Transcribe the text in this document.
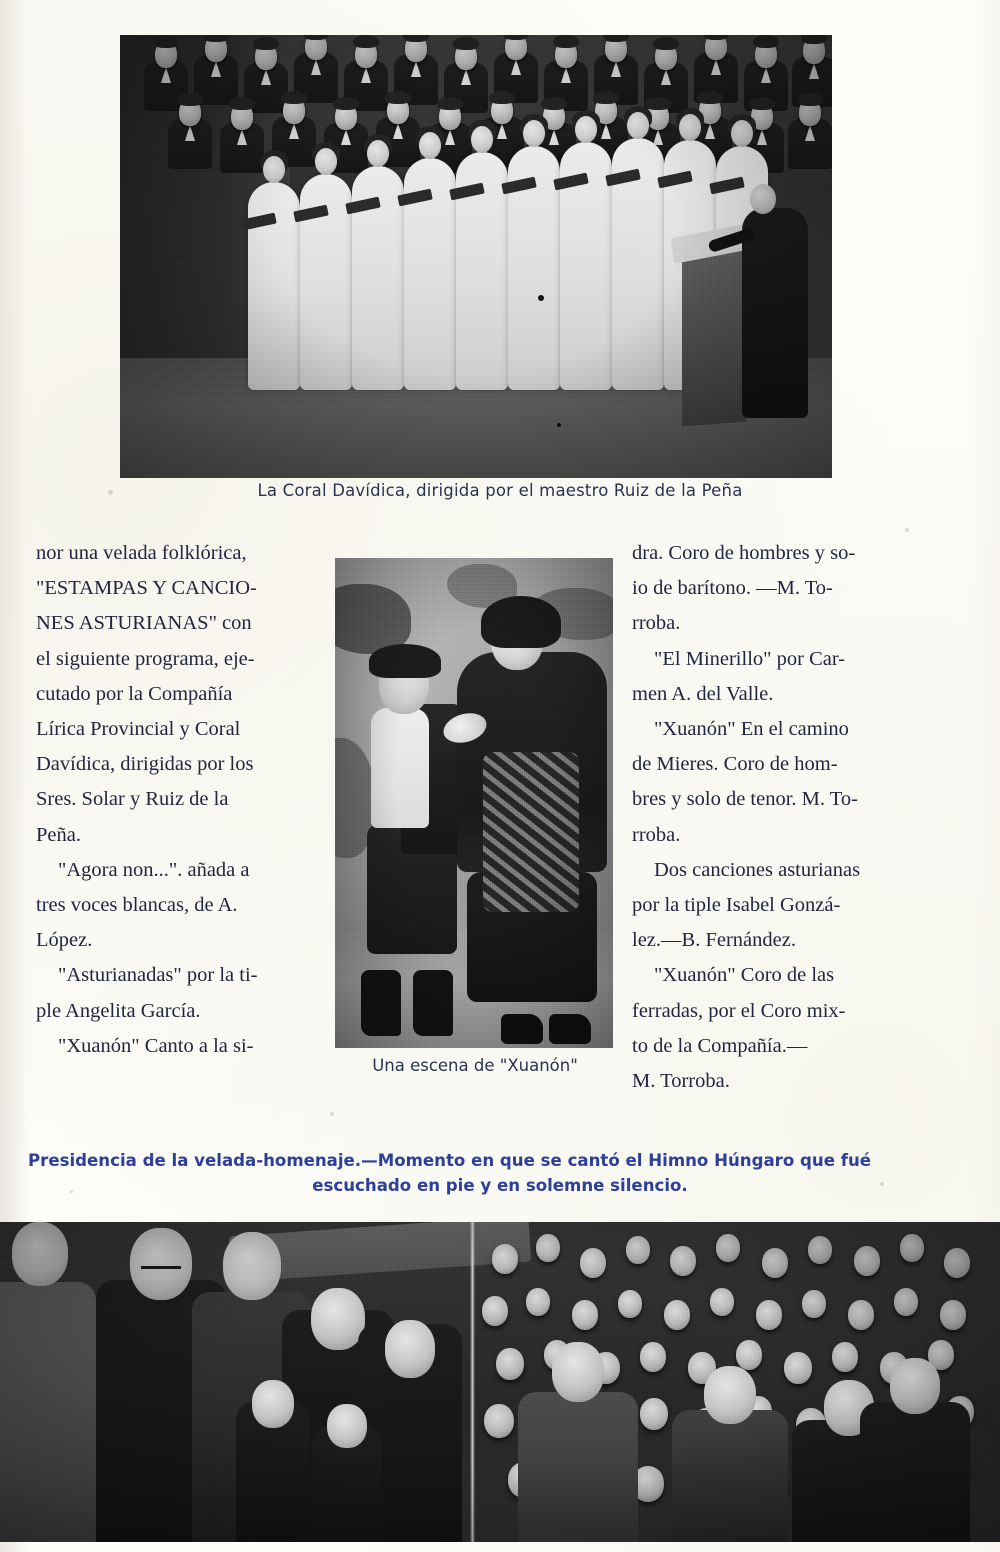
La Coral Davídica, dirigida por el maestro Ruiz de la Peña
nor una velada folklórica,
"ESTAMPAS Y CANCIO-
NES ASTURIANAS" con
el siguiente programa, eje-
cutado por la Compañía
Lírica Provincial y Coral
Davídica, dirigidas por los
Sres. Solar y Ruiz de la
Peña.
"Agora non...". añada a
tres voces blancas, de A.
López.
"Asturianadas" por la ti-
ple Angelita García.
"Xuanón" Canto a la si-
Una escena de "Xuanón"
dra. Coro de hombres y so-
io de barítono. —M. To-
rroba.
"El Minerillo" por Car-
men A. del Valle.
"Xuanón" En el camino
de Mieres. Coro de hom-
bres y solo de tenor. M. To-
rroba.
Dos canciones asturianas
por la tiple Isabel Gonzá-
lez.—B. Fernández.
"Xuanón" Coro de las
ferradas, por el Coro mix-
to de la Compañía.—
M. Torroba.
Presidencia de la velada-homenaje.—Momento en que se cantó el Himno Húngaro que fué
escuchado en pie y en solemne silencio.
